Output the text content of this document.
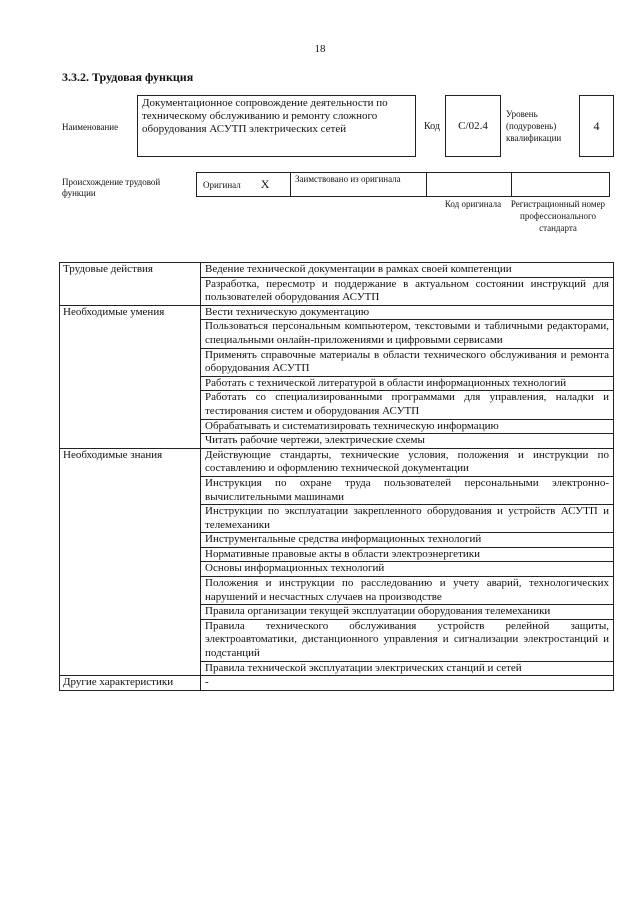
18
3.3.2. Трудовая функция
Наименование
Документационное сопровождение деятельности по техническому обслуживанию и ремонту сложного оборудования АСУТП электрических сетей	Код	C/02.4
Уровень (подуровень) квалификации
4
Происхождение трудовой функции
Оригинал X	Заимствовано из оригинала
Код оригинала	Регистрационный номер профессионального стандарта
Трудовые действия	Ведение технической документации в рамках своей компетенции
	Разработка, пересмотр и поддержание в актуальном состоянии инструкций для пользователей оборудования АСУТП
Необходимые умения	Вести техническую документацию
	Пользоваться персональным компьютером, текстовыми и табличными редакторами, специальными онлайн-приложениями и цифровыми сервисами
	Применять справочные материалы в области технического обслуживания и ремонта оборудования АСУТП
	Работать с технической литературой в области информационных технологий
	Работать со специализированными программами для управления, наладки и тестирования систем и оборудования АСУТП
	Обрабатывать и систематизировать техническую информацию
	Читать рабочие чертежи, электрические схемы
Необходимые знания	Действующие стандарты, технические условия, положения и инструкции по составлению и оформлению технической документации
	Инструкция по охране труда пользователей персональными электронно-вычислительными машинами
	Инструкции по эксплуатации закрепленного оборудования и устройств АСУТП и телемеханики
	Инструментальные средства информационных технологий
	Нормативные правовые акты в области электроэнергетики
	Основы информационных технологий
	Положения и инструкции по расследованию и учету аварий, технологических нарушений и несчастных случаев на производстве
	Правила организации текущей эксплуатации оборудования телемеханики
	Правила технического обслуживания устройств релейной защиты, электроавтоматики, дистанционного управления и сигнализации электростанций и подстанций
	Правила технической эксплуатации электрических станций и сетей
Другие характеристики	-
